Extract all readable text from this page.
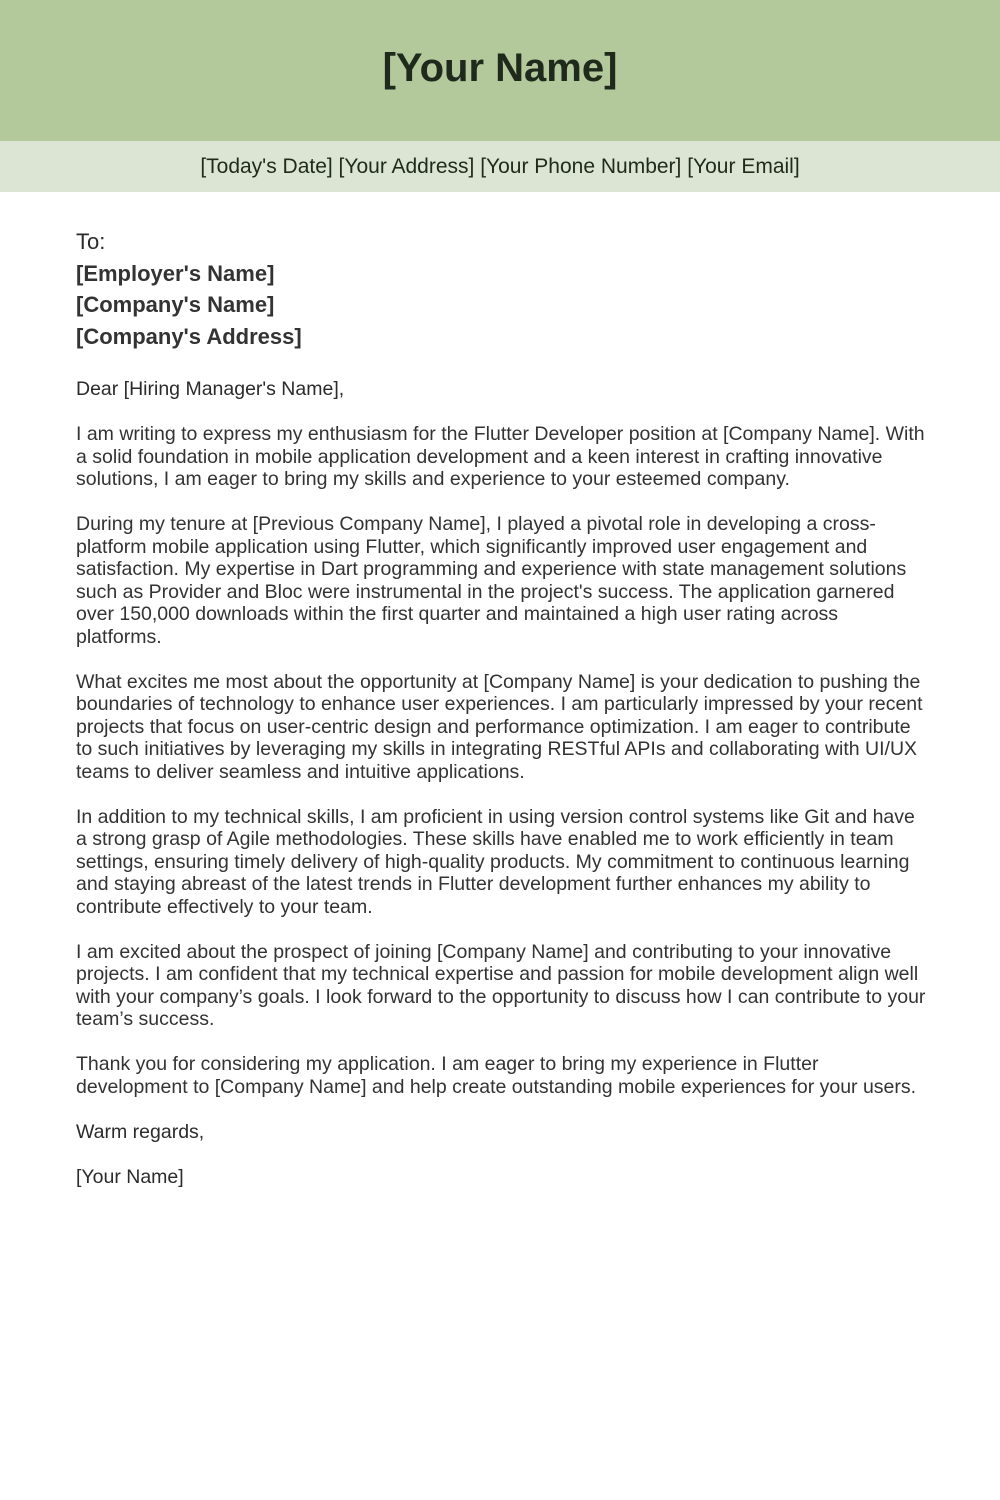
[Your Name]
[Today's Date] [Your Address] [Your Phone Number] [Your Email]
To:
[Employer's Name]
[Company's Name]
[Company's Address]
Dear [Hiring Manager's Name],

I am writing to express my enthusiasm for the Flutter Developer position at [Company Name]. With a solid foundation in mobile application development and a keen interest in crafting innovative solutions, I am eager to bring my skills and experience to your esteemed company.

During my tenure at [Previous Company Name], I played a pivotal role in developing a cross-platform mobile application using Flutter, which significantly improved user engagement and satisfaction. My expertise in Dart programming and experience with state management solutions such as Provider and Bloc were instrumental in the project's success. The application garnered over 150,000 downloads within the first quarter and maintained a high user rating across platforms.

What excites me most about the opportunity at [Company Name] is your dedication to pushing the boundaries of technology to enhance user experiences. I am particularly impressed by your recent projects that focus on user-centric design and performance optimization. I am eager to contribute to such initiatives by leveraging my skills in integrating RESTful APIs and collaborating with UI/UX teams to deliver seamless and intuitive applications.

In addition to my technical skills, I am proficient in using version control systems like Git and have a strong grasp of Agile methodologies. These skills have enabled me to work efficiently in team settings, ensuring timely delivery of high-quality products. My commitment to continuous learning and staying abreast of the latest trends in Flutter development further enhances my ability to contribute effectively to your team.

I am excited about the prospect of joining [Company Name] and contributing to your innovative projects. I am confident that my technical expertise and passion for mobile development align well with your company’s goals. I look forward to the opportunity to discuss how I can contribute to your team’s success.

Thank you for considering my application. I am eager to bring my experience in Flutter development to [Company Name] and help create outstanding mobile experiences for your users.

Warm regards,
[Your Name]
